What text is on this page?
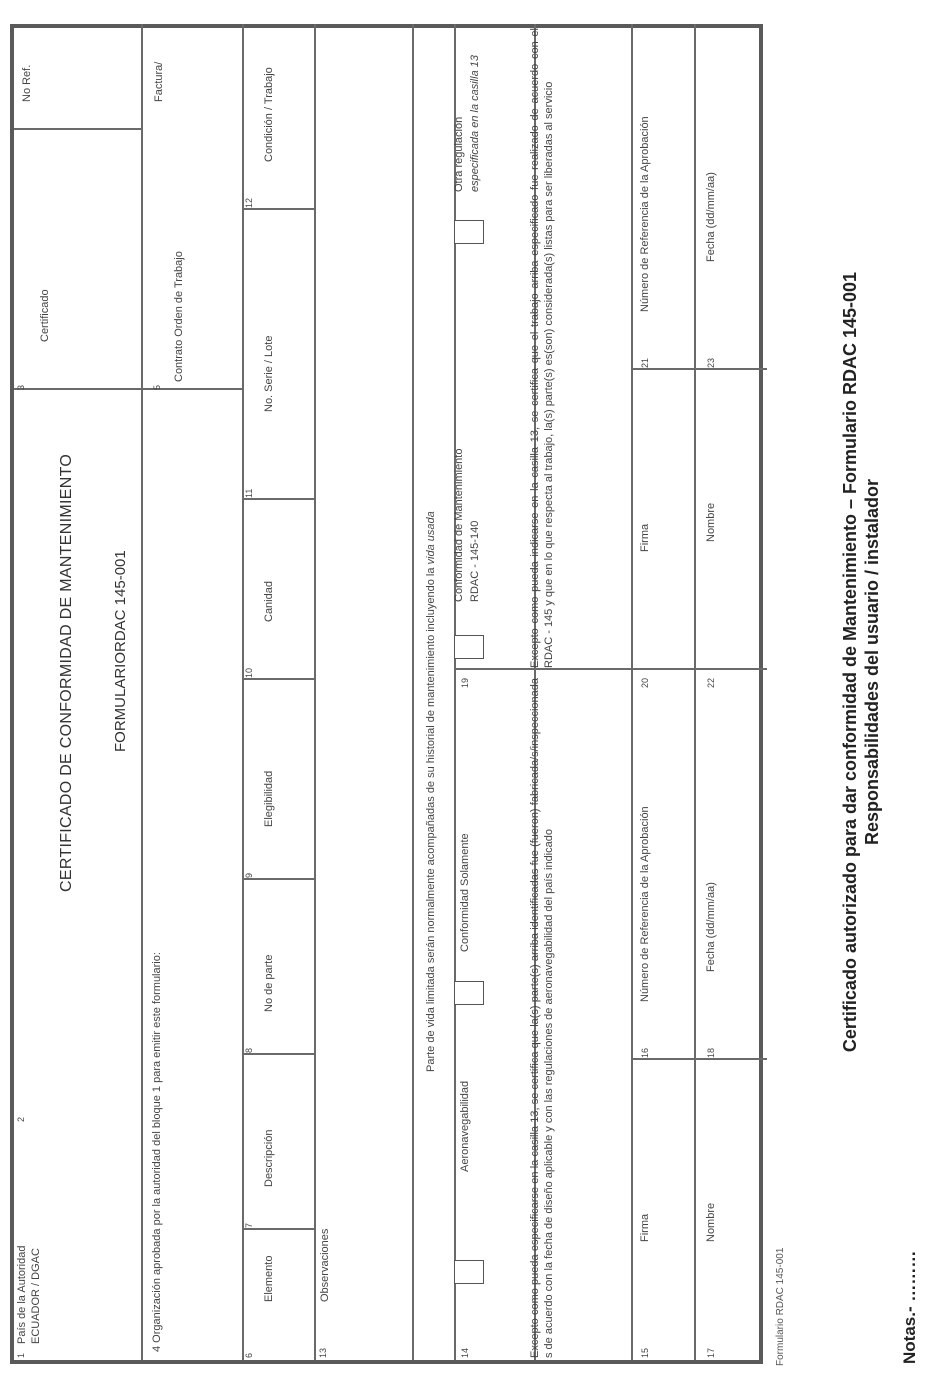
1
País de la Autoridad ECUADOR / DGAC
2
CERTIFICADO DE CONFORMIDAD DE MANTENIMIENTO FORMULARIO
RDAC 145-001
3
Certificado
No Ref.
4 Organización aprobada por la autoridad del bloque 1 para emitir este formulario:
5
Contrato Orden de Trabajo
Factura/
6
Elemento
7
Descripción
8
No de parte
9
Elegibilidad
10
Canidad
11
No. Serie / Lote
12
Condición / Trabajo
13
Observaciones
Parte de vida limitada serán normalmente acompañadas de su historial de mantenimiento incluyendo la vida usada
14
Aeronavegabilidad
Conformidad Solamente
19
Conformidad de Mantenimiento RDAC - 145-140
Otra regulación especificada en la casilla 13
Excepto como pueda especificarse en la casilla 13, se certifica que la(s) parte(s) arriba identificadas fue (fueron) fabricada/s/inspeccionada s de acuerdo con la fecha de diseño aplicable y con las regulaciones de aeronavegabilidad del país indicado
Excepto como pueda indicarse en la casilla 13, se certifica que el trabajo arriba especificado fue realizado de acuerdo con el RDAC - 145 y que en lo que respecta al trabajo, la(s) parte(s) es(son) considerada(s) listas para ser liberadas al servicio
15
Firma
16
Número de Referencia de la Aprobación
20
Firma
21
Número de Referencia de la Aprobación
17
Nombre
18
Fecha (dd/mm/aa)
22
Nombre
23
Fecha (dd/mm/aa)
Formulario RDAC 145-001
Certificado autorizado para dar conformidad de Mantenimiento – Formulario RDAC 145-001 Responsabilidades del usuario / instalador
Notas.- ………
